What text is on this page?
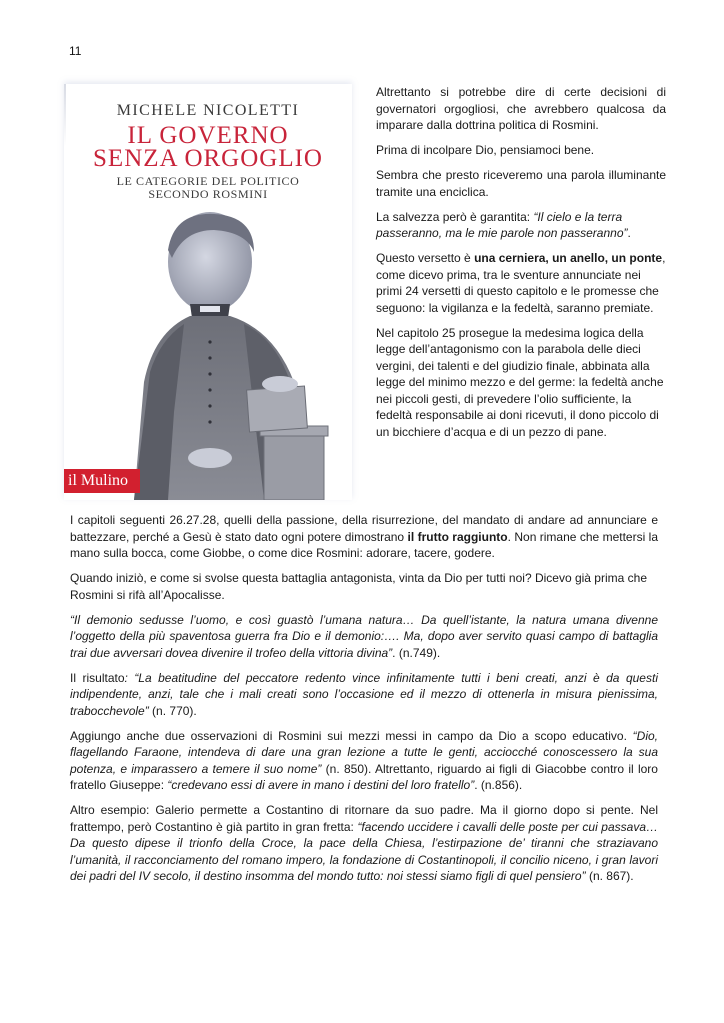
11
MICHELE NICOLETTI
IL GOVERNO
SENZA ORGOGLIO
LE CATEGORIE DEL POLITICO
SECONDO ROSMINI
il Mulino

Altrettanto si potrebbe dire di certe decisioni di governatori orgogliosi, che avrebbero qualcosa da imparare dalla dottrina politica di Rosmini.

Prima di incolpare Dio, pensiamoci bene.

Sembra che presto riceveremo una parola illuminante tramite una enciclica.

La salvezza però è garantita: “Il cielo e la terra passeranno, ma le mie parole non passeranno”.

Questo versetto è una cerniera, un anello, un ponte, come dicevo prima, tra le sventure annunciate nei primi 24 versetti di questo capitolo e le promesse che seguono: la vigilanza e la fedeltà, saranno premiate.

Nel capitolo 25 prosegue la medesima logica della legge dell’antagonismo con la parabola delle dieci vergini, dei talenti e del giudizio finale, abbinata alla legge del minimo mezzo e del germe: la fedeltà anche nei piccoli gesti, di prevedere l’olio sufficiente, la fedeltà responsabile ai doni ricevuti, il dono piccolo di un bicchiere d’acqua e di un pezzo di pane.

I capitoli seguenti 26.27.28, quelli della passione, della risurrezione, del mandato di andare ad annunciare e battezzare, perché a Gesù è stato dato ogni potere dimostrano il frutto raggiunto. Non rimane che mettersi la mano sulla bocca, come Giobbe, o come dice Rosmini: adorare, tacere, godere.

Quando iniziò, e come si svolse questa battaglia antagonista, vinta da Dio per tutti noi? Dicevo già prima che Rosmini si rifà all’Apocalisse.

“Il demonio sedusse l’uomo, e così guastò l’umana natura… Da quell’istante, la natura umana divenne l’oggetto della più spaventosa guerra fra Dio e il demonio:…. Ma, dopo aver servito quasi campo di battaglia trai due avversari dovea divenire il trofeo della vittoria divina”. (n.749).

Il risultato: “La beatitudine del peccatore redento vince infinitamente tutti i beni creati, anzi è da questi indipendente, anzi, tale che i mali creati sono l’occasione ed il mezzo di ottenerla in misura pienissima, trabocchevole” (n. 770).

Aggiungo anche due osservazioni di Rosmini sui mezzi messi in campo da Dio a scopo educativo. “Dio, flagellando Faraone, intendeva di dare una gran lezione a tutte le genti, acciocché conoscessero la sua potenza, e imparassero a temere il suo nome” (n. 850). Altrettanto, riguardo ai figli di Giacobbe contro il loro fratello Giuseppe: “credevano essi di avere in mano i destini del loro fratello”. (n.856).

Altro esempio: Galerio permette a Costantino di ritornare da suo padre. Ma il giorno dopo si pente. Nel frattempo, però Costantino è già partito in gran fretta: “facendo uccidere i cavalli delle poste per cui passava… Da questo dipese il trionfo della Croce, la pace della Chiesa, l’estirpazione de’ tiranni che straziavano l’umanità, il racconciamento del romano impero, la fondazione di Costantinopoli, il concilio niceno, i gran lavori dei padri del IV secolo, il destino insomma del mondo tutto: noi stessi siamo figli di quel pensiero” (n. 867).
